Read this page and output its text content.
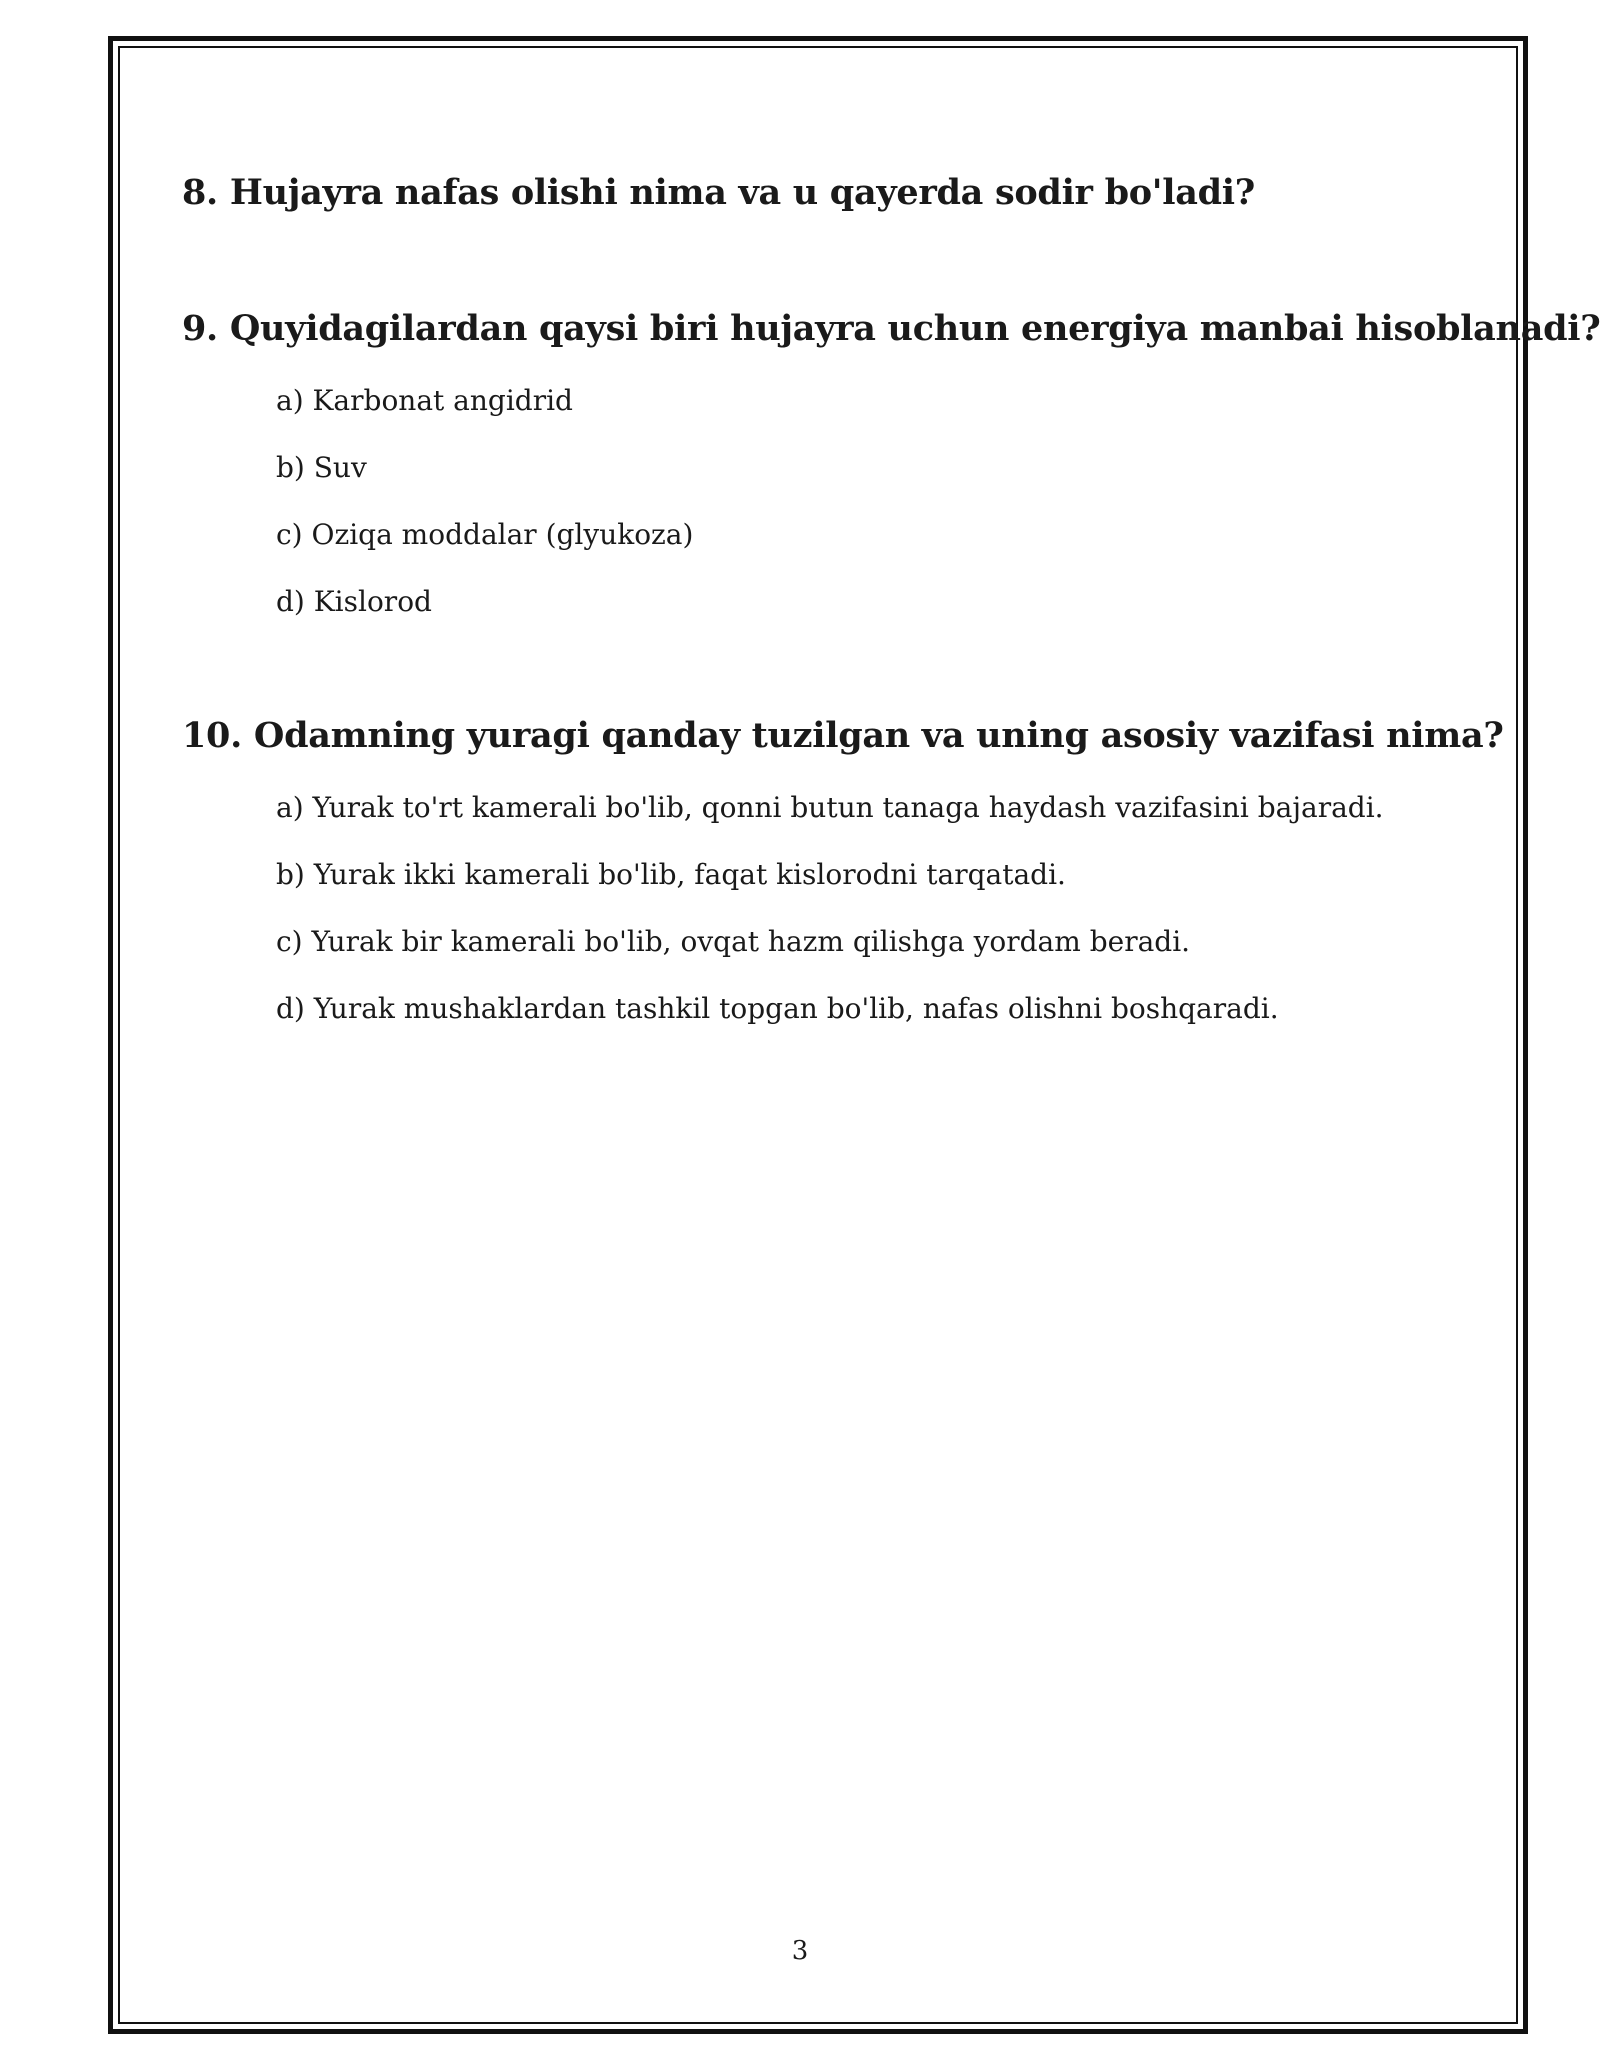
8. Hujayra nafas olishi nima va u qayerda sodir bo'ladi?
9. Quyidagilardan qaysi biri hujayra uchun energiya manbai hisoblanadi?
a) Karbonat angidrid
b) Suv
c) Oziqa moddalar (glyukoza)
d) Kislorod
10. Odamning yuragi qanday tuzilgan va uning asosiy vazifasi nima?
a) Yurak to'rt kamerali bo'lib, qonni butun tanaga haydash vazifasini bajaradi.
b) Yurak ikki kamerali bo'lib, faqat kislorodni tarqatadi.
c) Yurak bir kamerali bo'lib, ovqat hazm qilishga yordam beradi.
d) Yurak mushaklardan tashkil topgan bo'lib, nafas olishni boshqaradi.
3
